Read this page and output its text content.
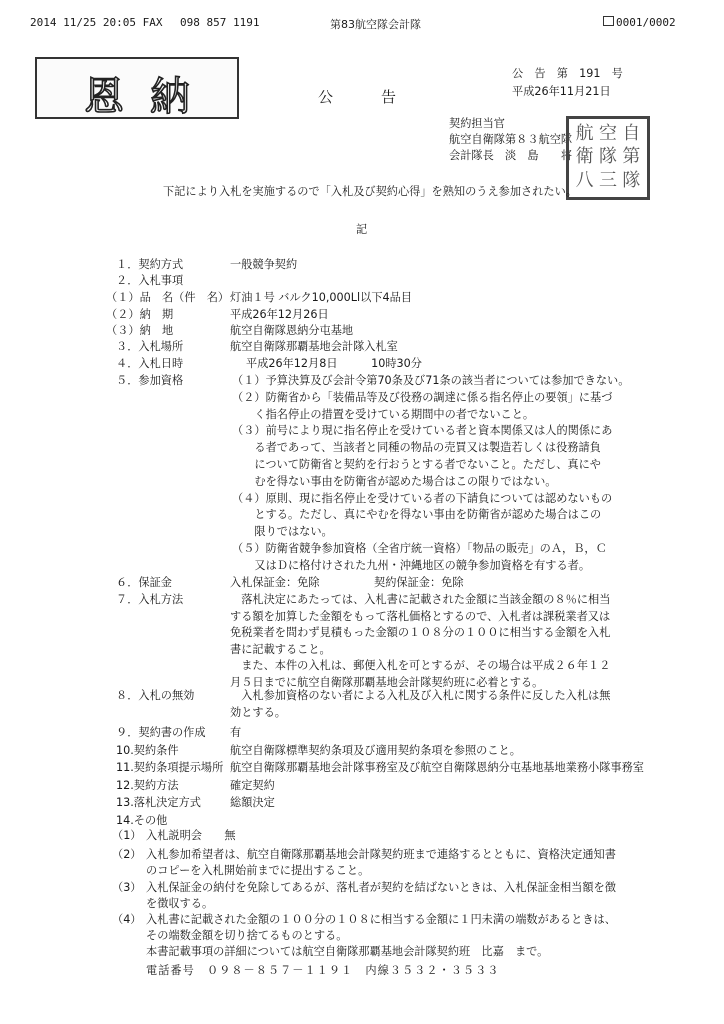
2014 11/25 20:05 FAX 098 857 1191	第83航空隊会計隊	0001/0002
恩納	公　　告
公　告　第　191　号
平成26年11月21日
契約担当官
航空自衛隊第８３航空隊
会計隊長　淡　島　　将
航 空 自
衛 隊 第
八 三 隊
下記により入札を実施するので「入札及び契約心得」を熟知のうえ参加されたい。
記
１．契約方式	一般競争契約
２．入札事項
（１）品　名（件　名） 灯油１号 バルク10,000Ll以下4品目
（２）納　期	平成26年12月26日
（３）納　地	航空自衛隊恩納分屯基地
３．入札場所	航空自衛隊那覇基地会計隊入札室
４．入札日時	平成26年12月8日　　　10時30分
５．参加資格	（１）予算決算及び会計令第70条及び71条の該当者については参加できない。
（２）防衛省から「装備品等及び役務の調達に係る指名停止の要領」に基づ
　　く指名停止の措置を受けている期間中の者でないこと。
（３）前号により現に指名停止を受けている者と資本関係又は人的関係にあ
　　る者であって、当該者と同種の物品の売買又は製造若しくは役務請負
　　について防衛省と契約を行おうとする者でないこと。ただし、真にや
　　むを得ない事由を防衛省が認めた場合はこの限りではない。
（４）原則、現に指名停止を受けている者の下請負については認めないもの
　　とする。ただし、真にやむを得ない事由を防衛省が認めた場合はこの
　　限りではない。
（５）防衛省競争参加資格（全省庁統一資格）「物品の販売」のＡ，Ｂ，Ｃ
　　又はＤに格付けされた九州・沖縄地区の競争参加資格を有する者。
６．保証金	入札保証金：免除	契約保証金：免除
７．入札方法	　落札決定にあたっては、入札書に記載された金額に当該金額の８％に相当
する額を加算した金額をもって落札価格とするので、入札者は課税業者又は
免税業者を問わず見積もった金額の１０８分の１００に相当する金額を入札
書に記載すること。
　また、本件の入札は、郵便入札を可とするが、その場合は平成２６年１２
月５日までに航空自衛隊那覇基地会計隊契約班に必着とする。
８．入札の無効	　入札参加資格のない者による入札及び入札に関する条件に反した入札は無
効とする。
９．契約書の作成 有
10.契約条件	航空自衛隊標準契約条項及び適用契約条項を参照のこと。
11.契約条項提示場所 航空自衛隊那覇基地会計隊事務室及び航空自衛隊恩納分屯基地基地業務小隊事務室
12.契約方法	確定契約
13.落札決定方式	総額決定
14.その他
（1） 入札説明会　　無
（2） 入札参加希望者は、航空自衛隊那覇基地会計隊契約班まで連絡するとともに、資格決定通知書
のコピーを入札開始前までに提出すること。
（3） 入札保証金の納付を免除してあるが、落札者が契約を結ばないときは、入札保証金相当額を徴
を徴収する。
（4） 入札書に記載された金額の１００分の１０８に相当する金額に１円未満の端数があるときは、
その端数金額を切り捨てるものとする。
本書記載事項の詳細については航空自衛隊那覇基地会計隊契約班　比嘉　まで。
電話番号　０９８－８５７－１１９１　内線３５３２・３５３３
